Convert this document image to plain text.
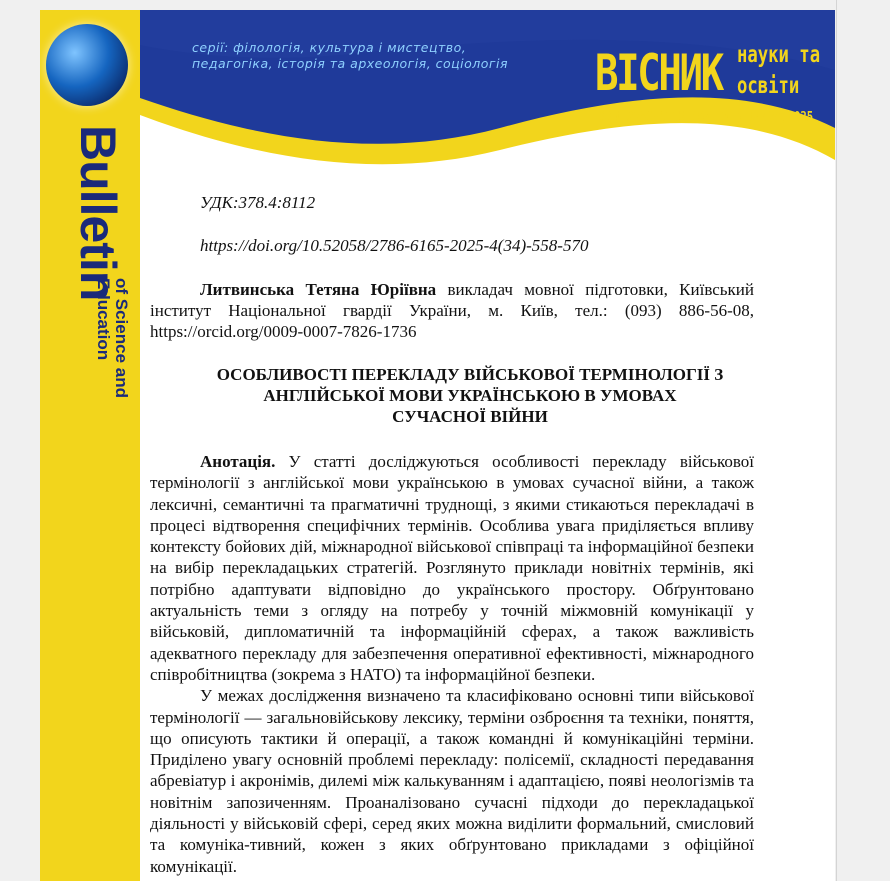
Bulletin
of Science and
Education
серії: філологія, культура і мистецтво,
педагогіка, історія та археологія, соціологія	ВІСНИК науки та
освіти
ISSN 2786-6165 (ONLINE) №4(34)2025
УДК:378.4:8112
https://doi.org/10.52058/2786-6165-2025-4(34)-558-570
Литвинська Тетяна Юріївна викладач мовної підготовки, Київський інститут Національної гвардії України, м. Київ, тел.: (093) 886-56-08, https://orcid.org/0009-0007-7826-1736
ОСОБЛИВОСТІ ПЕРЕКЛАДУ ВІЙСЬКОВОЇ ТЕРМІНОЛОГІЇ З
АНГЛІЙСЬКОЇ МОВИ УКРАЇНСЬКОЮ В УМОВАХ
СУЧАСНОЇ ВІЙНИ

Анотація. У статті досліджуються особливості перекладу військової термінології з англійської мови українською в умовах сучасної війни, а також лексичні, семантичні та прагматичні труднощі, з якими стикаються перекладачі в процесі відтворення специфічних термінів. Особлива увага приділяється впливу контексту бойових дій, міжнародної військової співпраці та інформаційної безпеки на вибір перекладацьких стратегій. Розглянуто приклади новітніх термінів, які потрібно адаптувати відповідно до українського простору. Обґрунтовано актуальність теми з огляду на потребу у точній міжмовній комунікації у військовій, дипломатичній та інформаційній сферах, а також важливість адекватного перекладу для забезпечення оперативної ефективності, міжнародного співробітництва (зокрема з НАТО) та інформаційної безпеки.

У межах дослідження визначено та класифіковано основні типи військової термінології — загальновійськову лексику, терміни озброєння та техніки, поняття, що описують тактики й операції, а також командні й комунікаційні терміни. Приділено увагу основній проблемі перекладу: полісемії, складності передавання абревіатур і акронімів, дилемі між калькуванням і адаптацією, появі неологізмів та новітнім запозиченням. Проаналізовано сучасні підходи до перекладацької діяльності у військовій сфері, серед яких можна виділити формальний, смисловий та комуніка-тивний, кожен з яких обґрунтовано прикладами з офіційної комунікації.
